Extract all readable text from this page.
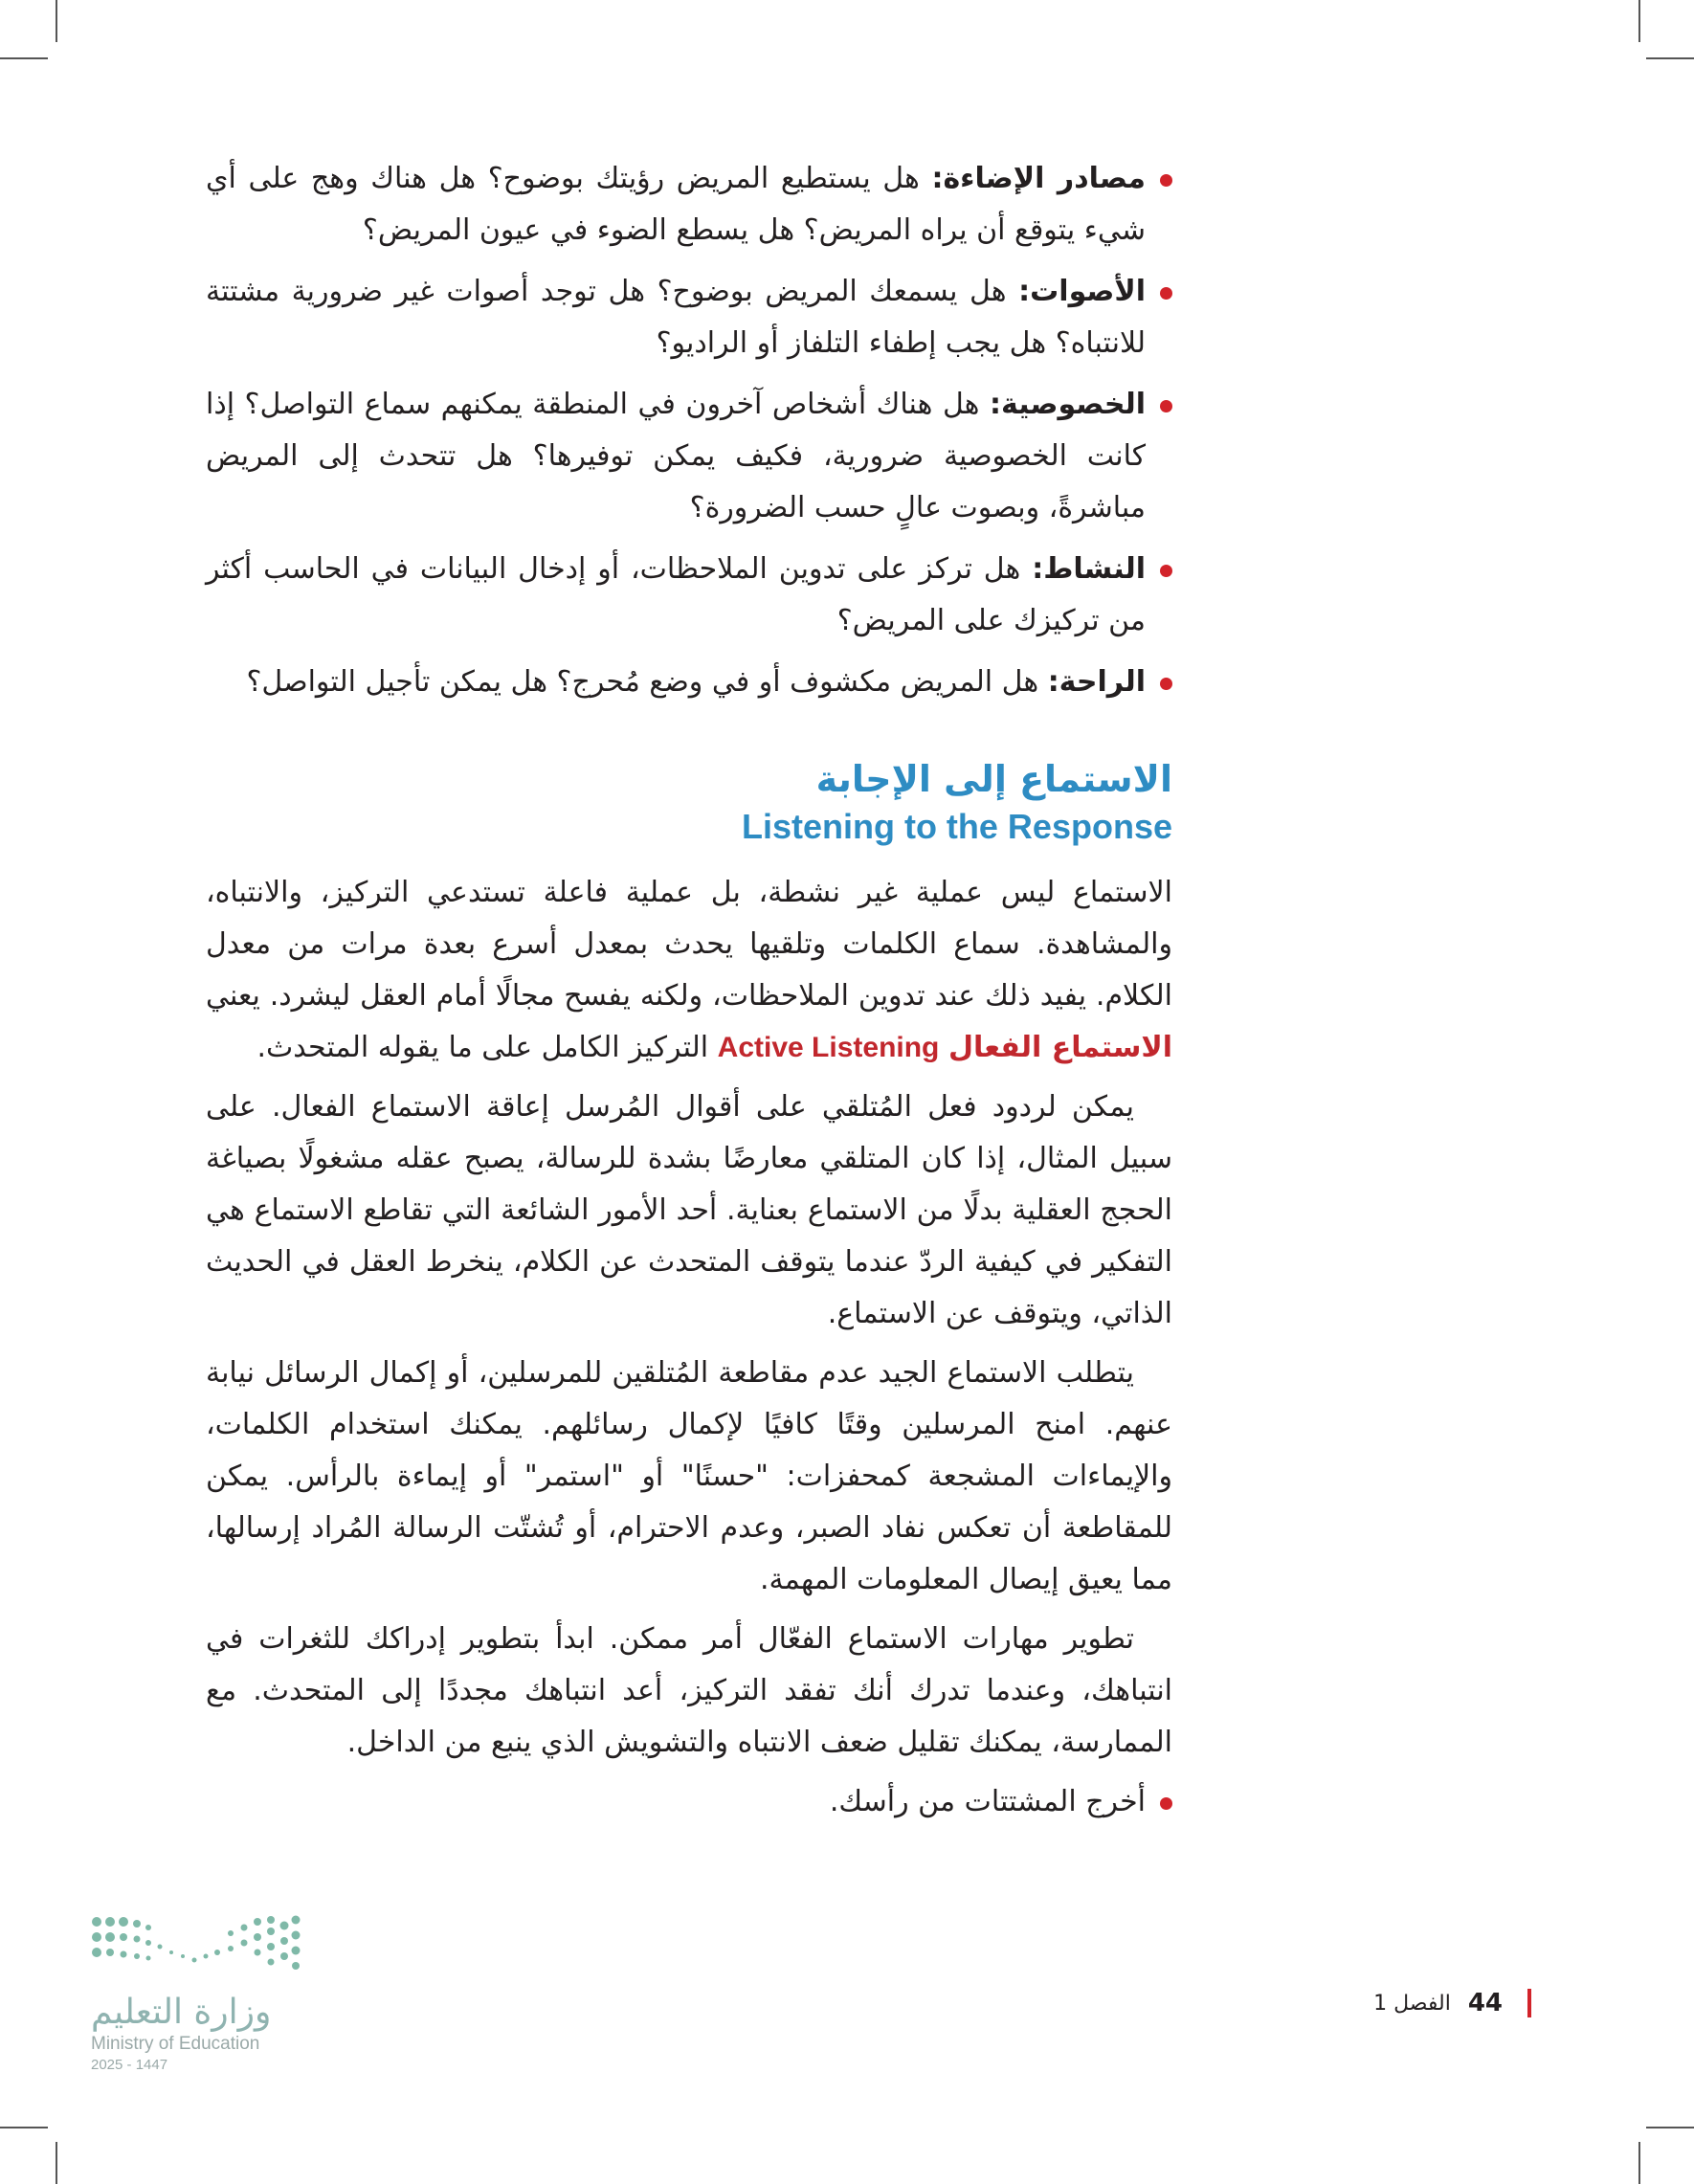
مصادر الإضاءة: هل يستطيع المريض رؤيتك بوضوح؟ هل هناك وهج على أي شيء يتوقع أن يراه المريض؟ هل يسطع الضوء في عيون المريض؟
الأصوات: هل يسمعك المريض بوضوح؟ هل توجد أصوات غير ضرورية مشتتة للانتباه؟ هل يجب إطفاء التلفاز أو الراديو؟
الخصوصية: هل هناك أشخاص آخرون في المنطقة يمكنهم سماع التواصل؟ إذا كانت الخصوصية ضرورية، فكيف يمكن توفيرها؟ هل تتحدث إلى المريض مباشرةً، وبصوت عالٍ حسب الضرورة؟
النشاط: هل تركز على تدوين الملاحظات، أو إدخال البيانات في الحاسب أكثر من تركيزك على المريض؟
الراحة: هل المريض مكشوف أو في وضع مُحرج؟ هل يمكن تأجيل التواصل؟
الاستماع إلى الإجابة
Listening to the Response

الاستماع ليس عملية غير نشطة، بل عملية فاعلة تستدعي التركيز، والانتباه، والمشاهدة. سماع الكلمات وتلقيها يحدث بمعدل أسرع بعدة مرات من معدل الكلام. يفيد ذلك عند تدوين الملاحظات، ولكنه يفسح مجالًا أمام العقل ليشرد. يعني الاستماع الفعال Active Listening التركيز الكامل على ما يقوله المتحدث.

يمكن لردود فعل المُتلقي على أقوال المُرسل إعاقة الاستماع الفعال. على سبيل المثال، إذا كان المتلقي معارضًا بشدة للرسالة، يصبح عقله مشغولًا بصياغة الحجج العقلية بدلًا من الاستماع بعناية. أحد الأمور الشائعة التي تقاطع الاستماع هي التفكير في كيفية الردّ عندما يتوقف المتحدث عن الكلام، ينخرط العقل في الحديث الذاتي، ويتوقف عن الاستماع.

يتطلب الاستماع الجيد عدم مقاطعة المُتلقين للمرسلين، أو إكمال الرسائل نيابة عنهم. امنح المرسلين وقتًا كافيًا لإكمال رسائلهم. يمكنك استخدام الكلمات، والإيماءات المشجعة كمحفزات: "حسنًا" أو "استمر" أو إيماءة بالرأس. يمكن للمقاطعة أن تعكس نفاد الصبر، وعدم الاحترام، أو تُشتّت الرسالة المُراد إرسالها، مما يعيق إيصال المعلومات المهمة.

تطوير مهارات الاستماع الفعّال أمر ممكن. ابدأ بتطوير إدراكك للثغرات في انتباهك، وعندما تدرك أنك تفقد التركيز، أعد انتباهك مجددًا إلى المتحدث. مع الممارسة، يمكنك تقليل ضعف الانتباه والتشويش الذي ينبع من الداخل.

أخرج المشتتات من رأسك.
وزارة التعليم
Ministry of Education
2025 - 1447
44
الفصل 1
